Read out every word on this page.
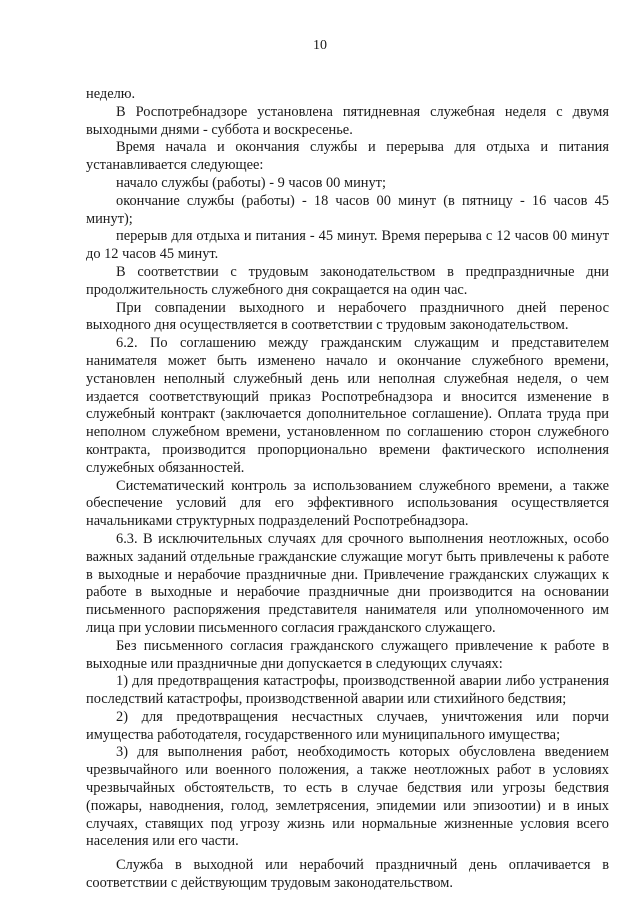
10

неделю.

В Роспотребнадзоре установлена пятидневная служебная неделя с двумя выходными днями - суббота и воскресенье.

Время начала и окончания службы и перерыва для отдыха и питания устанавливается следующее:

начало службы (работы) - 9 часов 00 минут;

окончание службы (работы) - 18 часов 00 минут (в пятницу - 16 часов 45 минут);

перерыв для отдыха и питания - 45 минут. Время перерыва с 12 часов 00 минут до 12 часов 45 минут.

В соответствии с трудовым законодательством в предпраздничные дни продолжительность служебного дня сокращается на один час.

При совпадении выходного и нерабочего праздничного дней перенос выходного дня осуществляется в соответствии с трудовым законодательством.

6.2. По соглашению между гражданским служащим и представителем нанимателя может быть изменено начало и окончание служебного времени, установлен неполный служебный день или неполная служебная неделя, о чем издается соответствующий приказ Роспотребнадзора и вносится изменение в служебный контракт (заключается дополнительное соглашение). Оплата труда при неполном служебном времени, установленном по соглашению сторон служебного контракта, производится пропорционально времени фактического исполнения служебных обязанностей.

Систематический контроль за использованием служебного времени, а также обеспечение условий для его эффективного использования осуществляется начальниками структурных подразделений Роспотребнадзора.

6.3. В исключительных случаях для срочного выполнения неотложных, особо важных заданий отдельные гражданские служащие могут быть привлечены к работе в выходные и нерабочие праздничные дни. Привлечение гражданских служащих к работе в выходные и нерабочие праздничные дни производится на основании письменного распоряжения представителя нанимателя или уполномоченного им лица при условии письменного согласия гражданского служащего.

Без письменного согласия гражданского служащего привлечение к работе в выходные или праздничные дни допускается в следующих случаях:

1) для предотвращения катастрофы, производственной аварии либо устранения последствий катастрофы, производственной аварии или стихийного бедствия;

2) для предотвращения несчастных случаев, уничтожения или порчи имущества работодателя, государственного или муниципального имущества;

3) для выполнения работ, необходимость которых обусловлена введением чрезвычайного или военного положения, а также неотложных работ в условиях чрезвычайных обстоятельств, то есть в случае бедствия или угрозы бедствия (пожары, наводнения, голод, землетрясения, эпидемии или эпизоотии) и в иных случаях, ставящих под угрозу жизнь или нормальные жизненные условия всего населения или его части.

Служба в выходной или нерабочий праздничный день оплачивается в соответствии с действующим трудовым законодательством.
